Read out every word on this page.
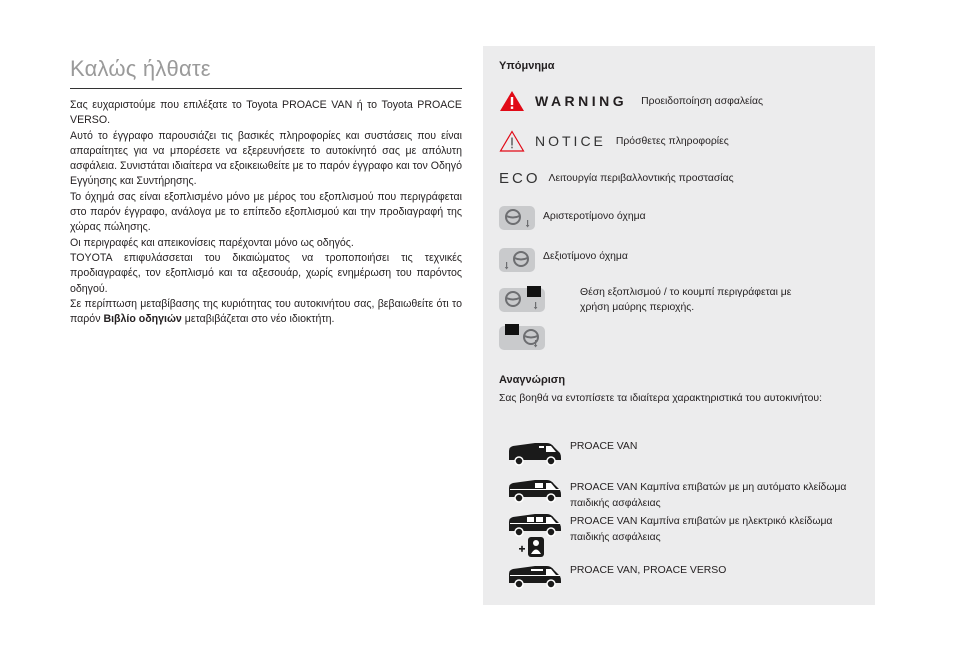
Καλώς ήλθατε

Σας ευχαριστούμε που επιλέξατε το Toyota PROACE VAN ή το Toyota PROACE VERSO.

Αυτό το έγγραφο παρουσιάζει τις βασικές πληροφορίες και συστάσεις που είναι απαραίτητες για να μπορέσετε να εξερευνήσετε το αυτοκίνητό σας με απόλυτη ασφάλεια. Συνιστάται ιδιαίτερα να εξοικειωθείτε με το παρόν έγγραφο και τον Οδηγό Εγγύησης και Συντήρησης.

Το όχημά σας είναι εξοπλισμένο μόνο με μέρος του εξοπλισμού που περιγράφεται στο παρόν έγγραφο, ανάλογα με το επίπεδο εξοπλισμού και την προδιαγραφή της χώρας πώλησης.

Οι περιγραφές και απεικονίσεις παρέχονται μόνο ως οδηγός.

TOYOTA επιφυλάσσεται του δικαιώματος να τροποποιήσει τις τεχνικές προδιαγραφές, τον εξοπλισμό και τα αξεσουάρ, χωρίς ενημέρωση του παρόντος οδηγού.

Σε περίπτωση μεταβίβασης της κυριότητας του αυτοκινήτου σας, βεβαιωθείτε ότι το παρόν Βιβλίο οδηγιών μεταβιβάζεται στο νέο ιδιοκτήτη.

Υπόμνημα
WARNING Προειδοποίηση ασφαλείας
NOTICE Πρόσθετες πληροφορίες
ECO Λειτουργία περιβαλλοντικής προστασίας
Αριστεροτίμονο όχημα
Δεξιοτίμονο όχημα
Θέση εξοπλισμού / το κουμπί περιγράφεται με
χρήση μαύρης περιοχής.
Αναγνώριση
Σας βοηθά να εντοπίσετε τα ιδιαίτερα χαρακτηριστικά του αυτοκινήτου:
PROACE VAN
PROACE VAN Καμπίνα επιβατών με μη αυτόματο κλείδωμα
παιδικής ασφάλειας
PROACE VAN Καμπίνα επιβατών με ηλεκτρικό κλείδωμα
παιδικής ασφάλειας
PROACE VAN, PROACE VERSO
